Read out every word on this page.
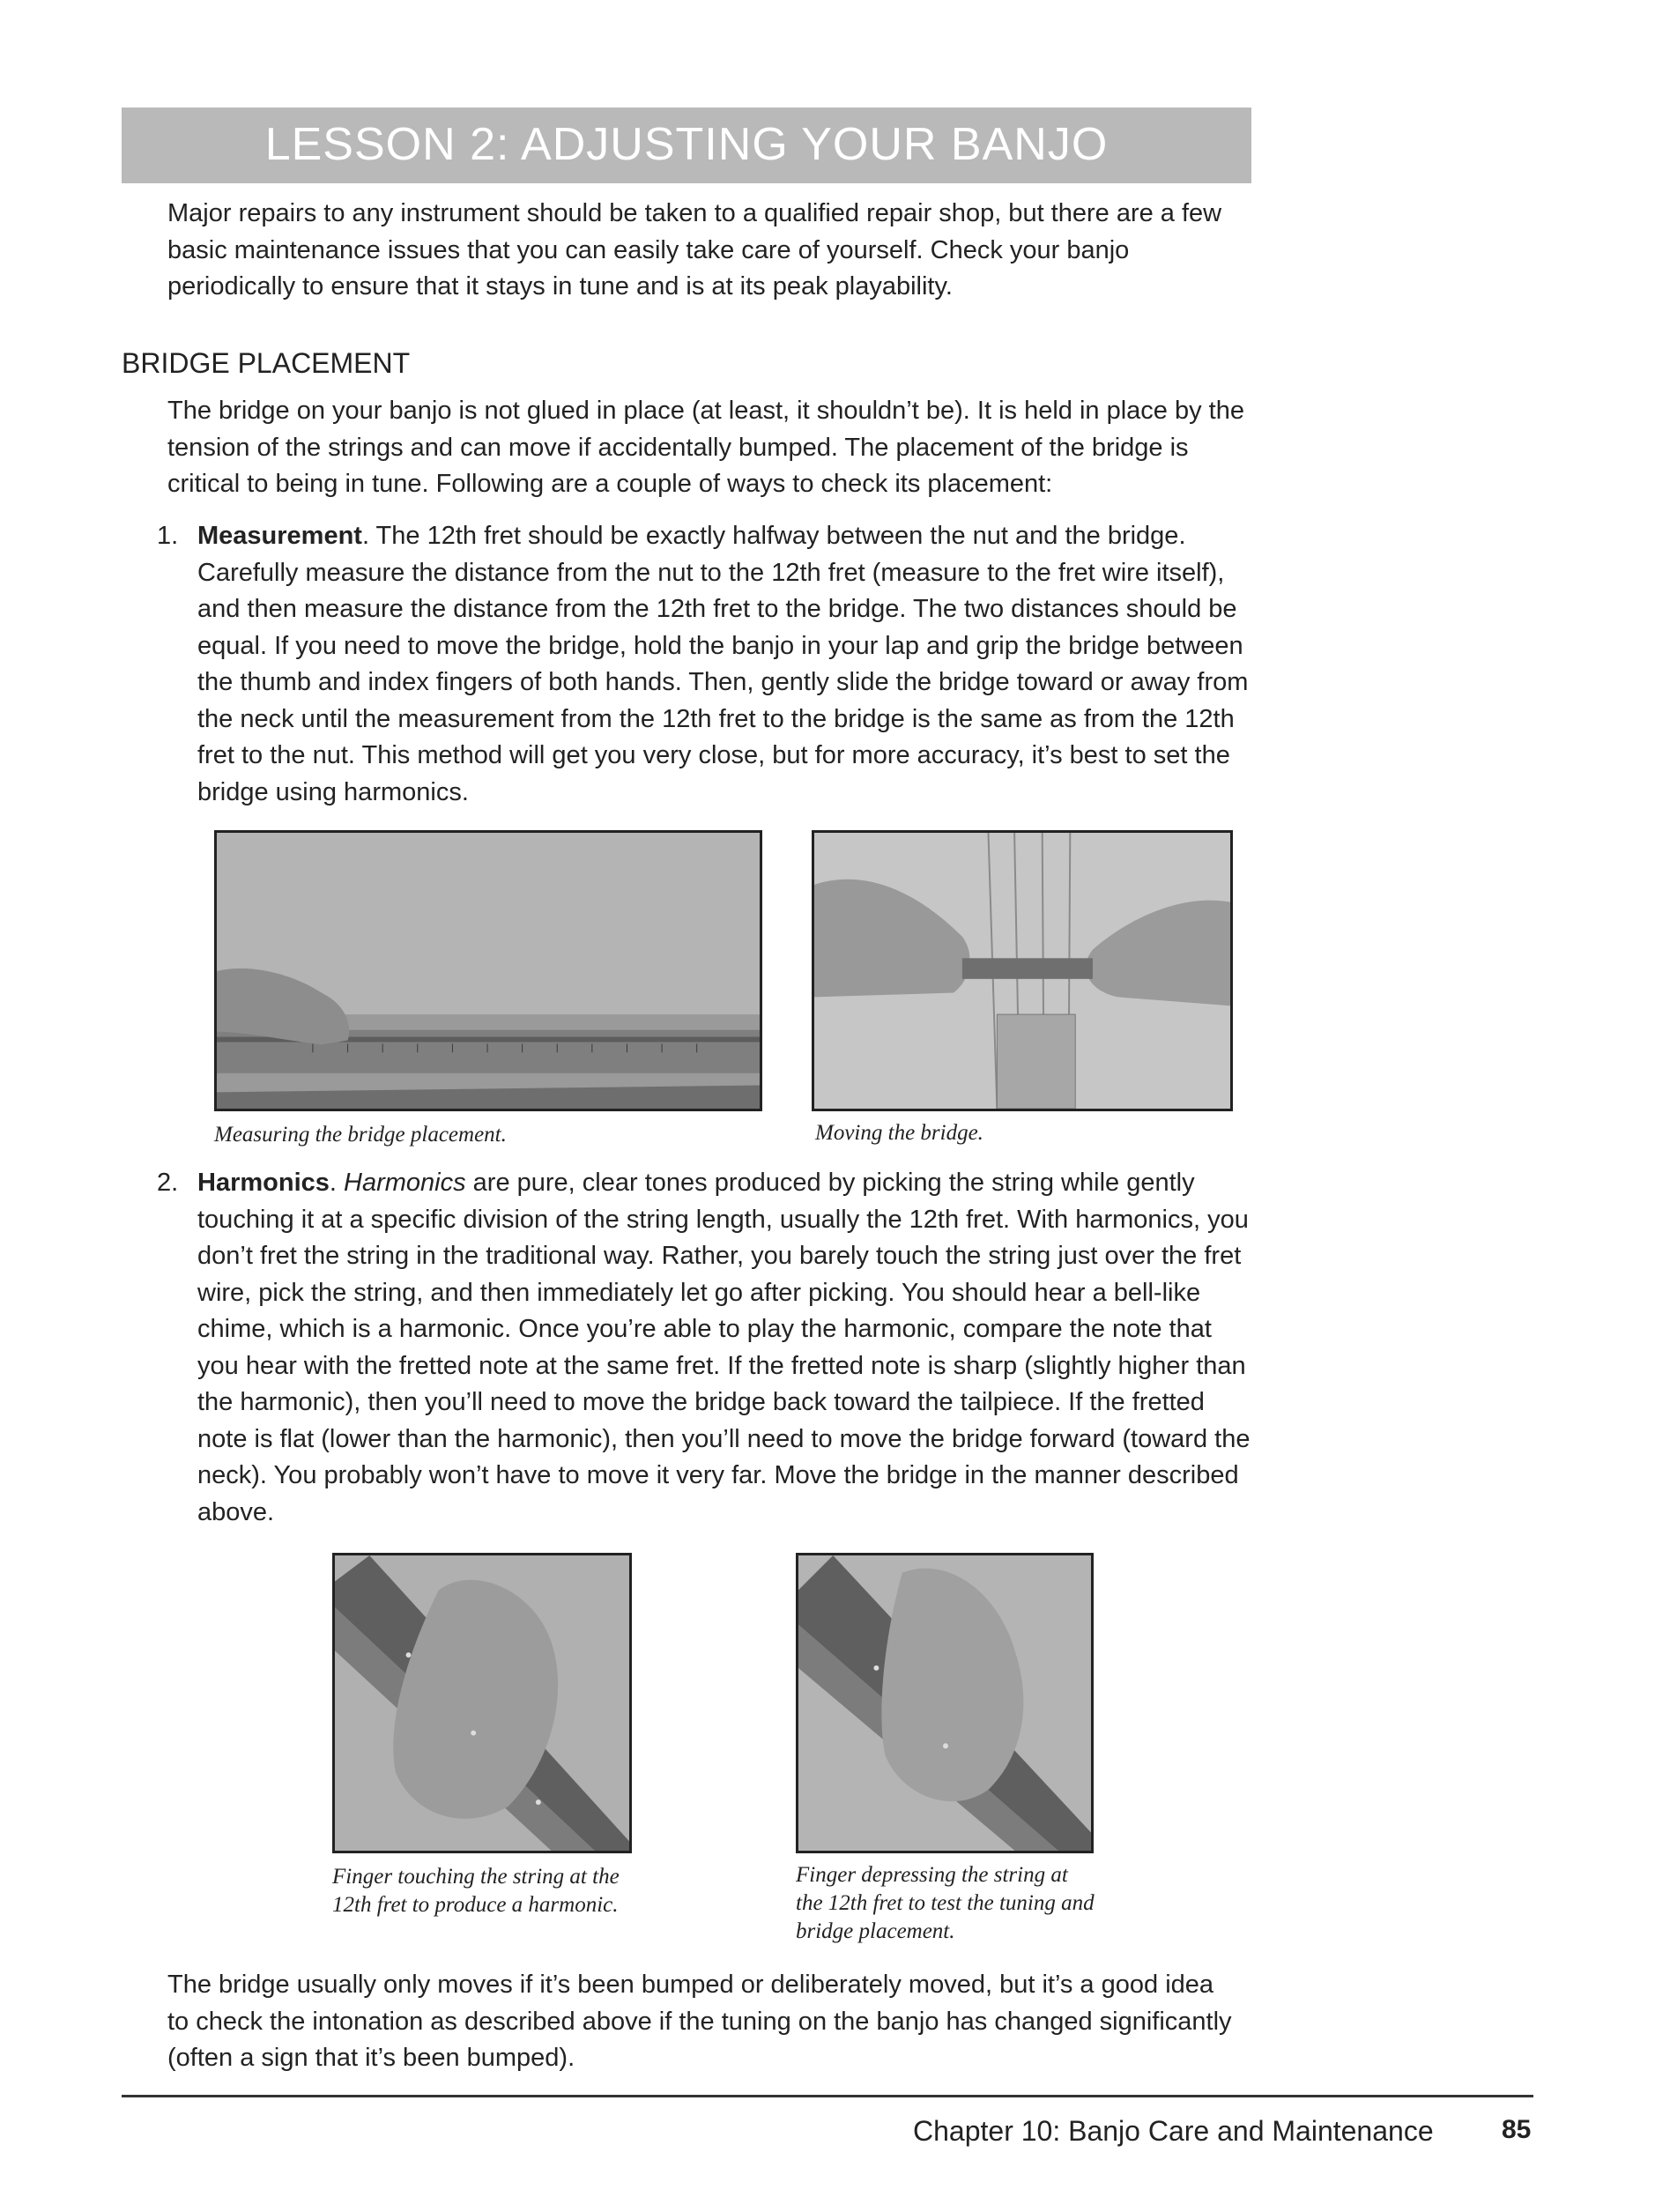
LESSON 2: ADJUSTING YOUR BANJO
Major repairs to any instrument should be taken to a qualified repair shop, but there are a few basic maintenance issues that you can easily take care of yourself. Check your banjo periodically to ensure that it stays in tune and is at its peak playability.
BRIDGE PLACEMENT
The bridge on your banjo is not glued in place (at least, it shouldn’t be). It is held in place by the tension of the strings and can move if accidentally bumped. The placement of the bridge is critical to being in tune. Following are a couple of ways to check its placement:
1. Measurement. The 12th fret should be exactly halfway between the nut and the bridge. Carefully measure the distance from the nut to the 12th fret (measure to the fret wire itself), and then measure the distance from the 12th fret to the bridge. The two distances should be equal. If you need to move the bridge, hold the banjo in your lap and grip the bridge between the thumb and index fingers of both hands. Then, gently slide the bridge toward or away from the neck until the measurement from the 12th fret to the bridge is the same as from the 12th fret to the nut. This method will get you very close, but for more accuracy, it’s best to set the bridge using harmonics.
Measuring the bridge placement.	Moving the bridge.
2. Harmonics. Harmonics are pure, clear tones produced by picking the string while gently touching it at a specific division of the string length, usually the 12th fret. With harmonics, you don’t fret the string in the traditional way. Rather, you barely touch the string just over the fret wire, pick the string, and then immediately let go after picking. You should hear a bell-like chime, which is a harmonic. Once you’re able to play the harmonic, compare the note that you hear with the fretted note at the same fret. If the fretted note is sharp (slightly higher than the harmonic), then you’ll need to move the bridge back toward the tailpiece. If the fretted note is flat (lower than the harmonic), then you’ll need to move the bridge forward (toward the neck). You probably won’t have to move it very far. Move the bridge in the manner described above.
Finger touching the string at the 12th fret to produce a harmonic.
Finger depressing the string at the 12th fret to test the tuning and bridge placement.
The bridge usually only moves if it’s been bumped or deliberately moved, but it’s a good idea to check the intonation as described above if the tuning on the banjo has changed significantly (often a sign that it’s been bumped).
Chapter 10: Banjo Care and Maintenance	85
